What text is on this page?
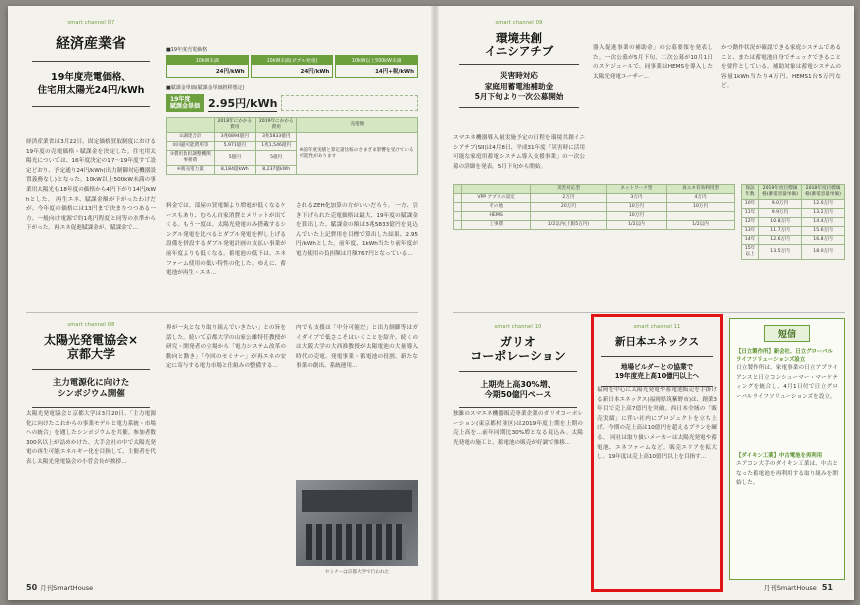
smart channel 07
経済産業省
19年度売電価格、
住宅用太陽光24円/kWh
経済産業省は3月22日、固定価格買取制度における19年度の売電価格・賦課金を決定した。住宅用太陽光については、16年度決定の17〜19年度すて設定どおり、予定通り24円/kWh(出力制御対応機器設置義務なし)となった。10kW以上500kW未満の事業用太陽光も18年度の価格から4円下がり14円/kWhとした。 再生エネ、賦課金額が下がったわけだが、今年度の価格には13円まで決まりつつある一方、一般向け電源で約1兆円程度と同等の水準から下がった。再エネ促進賦課金が、賦課金で…
■19年度売電価格
10kW未満
24円/kWh
10kW未満(ダブル発電)
24円/kWh
10kW以上500kW未満
14円+税/kWh
■賦課金単価(賦課金単価推移想定)
19年度
賦課金単価 2.95円/kWh
	2018年にかかる費用	2019年にかかる費用	売電額
①調達合計	3兆6894億円	3兆5833億円	※前年度実績と算定諸比較のさまざま影響を受けている可能性があります
②回避可能費用等	5,971億円	1兆1,546億円	
③費用負担調整機関事務費	5億円	5億円	
④販売電力量	8,184億kWh	8,237億kWh	
料金では、部屋の買電額より増電が低くなるケースもあり、むろん自家消費とメリットが出てくる。もう一度は、太陽光発電のみ搭載するシングル発電を比べるとダブル発電を押し上げる設備を併設するダブル発電計画の支払い事業が前年度よりも低くなる。蓄電池の低下は、エネファーム使用の低い特性の化した。ゆえに、蓄電池が再生・エネ…
されるZEH化加算の方がいいだろう。 一方、引き下げられた売電価格は最大、19年度の賦課金を算出した。賦課金の額は3兆5833億円を見込んでいた上記費用を目標で算出した結果、2.95円/kWhとした。前年度、1kWh当たり前年度が電力使用の負担額は月額767円となっている…
smart channel 08
太陽光発電協会×
京都大学
主力電源化に向けた
シンポジウム開催
太陽光発電協会と京都大学は3月20日、「主力電源化に向けたこれからの事業モデルと電力系統・市場への統合」を題したシンポジウムを共催。参加者数300名以上が詰めかけた、大手会社の中で太陽光発電の再生可能エネルギー化を目指して、主催者を代表し太陽光発電協会の小菅会長が挨拶…
界が一丸となり取り組んでいきたい」との旨を話した。続いて京都大学の山家公雄特任教授が研究・開発者の立場から「電力システム改革の動向と動き」「今回のセミナー」が再エネの安定に寄与する電力市場と仕組みの整備する…
内でも支援は「中分可能だ」と出力制御等はガイダイブで低さこそはいくことを紹介。続くのは大阪大学の大西准教授が太陽電池の大量導入時代の売電、発電事業・蓄電池の役割、新たな事業の創出、系統運用…
セミナーは京都大学で行われた
50 月刊SmartHouse
smart channel 09
環境共創
イニシアチブ
災害時対応
家庭用蓄電池補助金
5月下旬より一次公募開始
スマエネ機器導入量実施予定の日程を環境共創イニシアチブ(SII)は4月8日、平成31年度「災害時に活用可能な家庭用蓄電システム導入支援事業」の一次公募の詳細を発表。5月下旬から開始。
器入促進事業の補助金」の公募要領を発表した。一次公募が5月下旬、二次公募が10月1日のスケジュールで、同事業はHEMSを導入した太陽光発電ユーザー…
かつ動作状況が確認できる家庭システムであること、または蓄電池自身でチェックできることを要件としている。補助対象は蓄電システムの容量1kWh当たり4万円、HEMS1台5万円など。
		災害対応型	ネットワーク型	再エネ有効利用型
	VPP アプリの設定	2万円	3万円	4万円
	その他	20万円	10万円	10万円
	HEMS		10万円	
	工事費	1/2以内(上限5万円)	1/2以内	1/2以内
保証年数	2019年度目標価格(蓄電容量単価)	2018年度目標価格(蓄電容量単価)
10年	9.0万円	12.0万円
11年	9.9万円	13.2万円
12年	10.8万円	14.4万円
13年	11.7万円	15.6万円
14年	12.6万円	16.8万円
15年以上	13.5万円	18.0万円
smart channel 10
ガリオ
コーポレーション
上期売上高30%増、
今期50億円ペース
独雑のスマエネ機器販売専業企業のガリオコーポレーション(東京都杉並区)は2019年度上期を上期の売上高を…前年同期比30%増となる見込み。太陽光発電の施工と、蓄電池の販売が好調で推移…
smart channel 11
新日本エネックス
地場ビルダーとの協業で
19年度売上高10億円以上へ
福岡を中心に太陽光発電や蓄電池販売を手掛ける新日本エネックス(福岡県筑紫野市)は、創業3年目で売上高7億円を突破。西日本全域の「販売実績」に伴い社内にプロジェクトを立ち上げ、今期の売上高は10億円を超えるプランを練る。 同社は取り扱いメーカーは太陽光発電や蓄電池、エネファームなど。販売エリアを拡大し、19年度は売上高10億円以上を目指す…
短信
【日立製作所】新会社、日立グローバルライフソリューションズ設立
日立製作所は、家電事業の日立アプライアンスと日立コンシューマー・マーケティングを統合し、4月1日付で日立グローバルライフソリューションズを設立。
【ダイキン工業】中古電池を再利用
エアコン大手のダイキン工業は、中古となった蓄電池を再利用する取り組みを開始した。
月刊SmartHouse 51
